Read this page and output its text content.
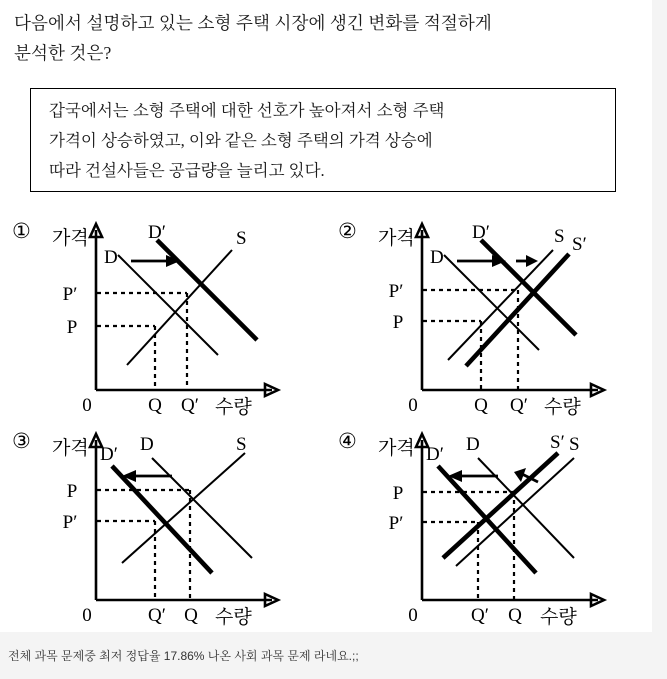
다음에서 설명하고 있는 소형 주택 시장에 생긴 변화를 적절하게
분석한 것은?
갑국에서는 소형 주택에 대한 선호가 높아져서 소형 주택
가격이 상승하였고, 이와 같은 소형 주택의 가격 상승에
따라 건설사들은 공급량을 늘리고 있다.
① 가격
D
D′	S
P′
P
0	Q Q′ 수량
② 가격
D
D′	S S′
P′
P
0	Q Q′ 수량
③ 가격	D
D′	S
P
P′
0	Q′ Q 수량
④ 가격	D
D′	S
S′
P
P′
0	Q′ Q 수량
전체 과목 문제중 최저 정답율 17.86% 나온 사회 과목 문제 라네요.;;
